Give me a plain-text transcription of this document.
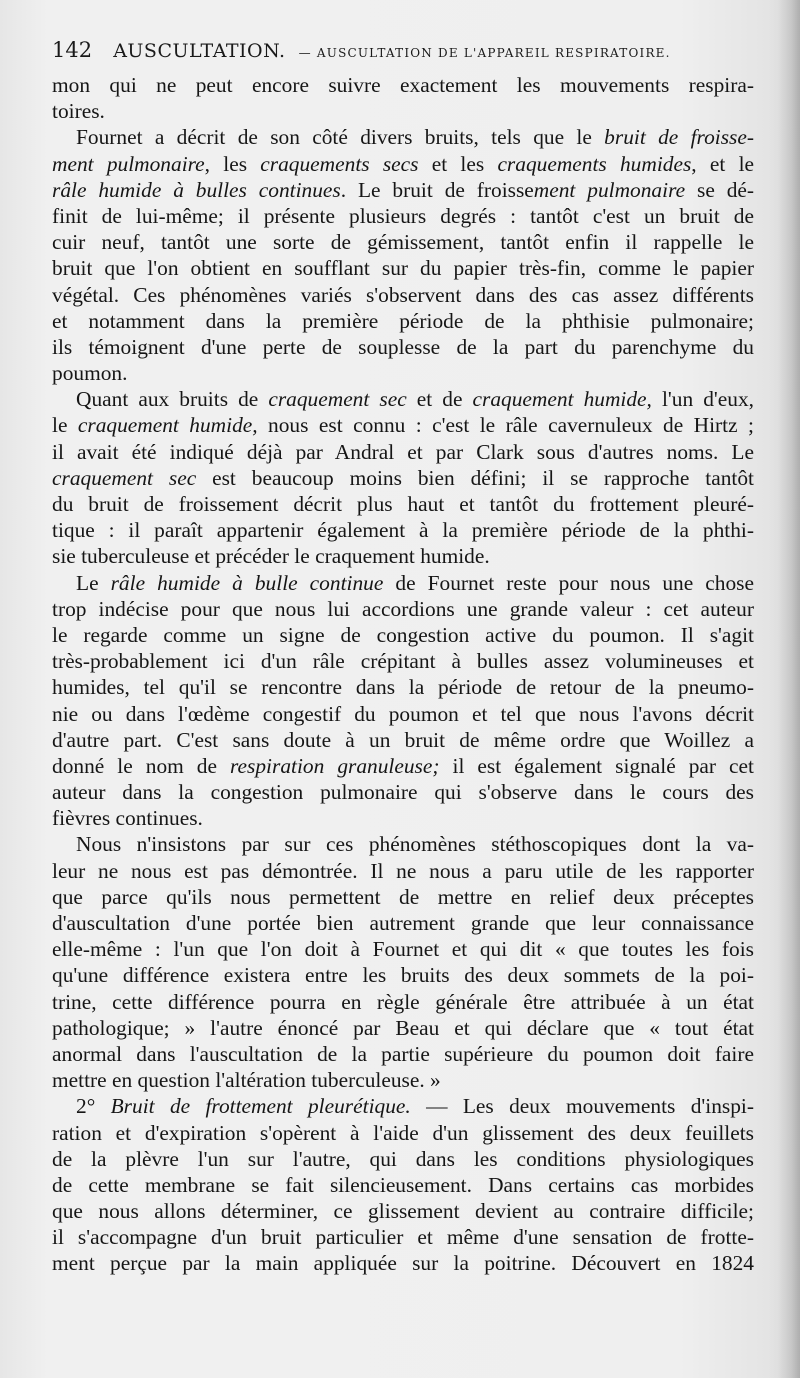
142 AUSCULTATION. — AUSCULTATION DE L'APPAREIL RESPIRATOIRE.
mon qui ne peut encore suivre exactement les mouvements respira-
toires.
Fournet a décrit de son côté divers bruits, tels que le bruit de froisse-
ment pulmonaire, les craquements secs et les craquements humides, et le
râle humide à bulles continues. Le bruit de froissement pulmonaire se dé-
finit de lui-même; il présente plusieurs degrés : tantôt c'est un bruit de
cuir neuf, tantôt une sorte de gémissement, tantôt enfin il rappelle le
bruit que l'on obtient en soufflant sur du papier très-fin, comme le papier
végétal. Ces phénomènes variés s'observent dans des cas assez différents
et notamment dans la première période de la phthisie pulmonaire;
ils témoignent d'une perte de souplesse de la part du parenchyme du
poumon.
Quant aux bruits de craquement sec et de craquement humide, l'un d'eux,
le craquement humide, nous est connu : c'est le râle cavernuleux de Hirtz ;
il avait été indiqué déjà par Andral et par Clark sous d'autres noms. Le
craquement sec est beaucoup moins bien défini; il se rapproche tantôt
du bruit de froissement décrit plus haut et tantôt du frottement pleuré-
tique : il paraît appartenir également à la première période de la phthi-
sie tuberculeuse et précéder le craquement humide.
Le râle humide à bulle continue de Fournet reste pour nous une chose
trop indécise pour que nous lui accordions une grande valeur : cet auteur
le regarde comme un signe de congestion active du poumon. Il s'agit
très-probablement ici d'un râle crépitant à bulles assez volumineuses et
humides, tel qu'il se rencontre dans la période de retour de la pneumo-
nie ou dans l'œdème congestif du poumon et tel que nous l'avons décrit
d'autre part. C'est sans doute à un bruit de même ordre que Woillez a
donné le nom de respiration granuleuse; il est également signalé par cet
auteur dans la congestion pulmonaire qui s'observe dans le cours des
fièvres continues.
Nous n'insistons par sur ces phénomènes stéthoscopiques dont la va-
leur ne nous est pas démontrée. Il ne nous a paru utile de les rapporter
que parce qu'ils nous permettent de mettre en relief deux préceptes
d'auscultation d'une portée bien autrement grande que leur connaissance
elle-même : l'un que l'on doit à Fournet et qui dit « que toutes les fois
qu'une différence existera entre les bruits des deux sommets de la poi-
trine, cette différence pourra en règle générale être attribuée à un état
pathologique; » l'autre énoncé par Beau et qui déclare que « tout état
anormal dans l'auscultation de la partie supérieure du poumon doit faire
mettre en question l'altération tuberculeuse. »
2° Bruit de frottement pleurétique. — Les deux mouvements d'inspi-
ration et d'expiration s'opèrent à l'aide d'un glissement des deux feuillets
de la plèvre l'un sur l'autre, qui dans les conditions physiologiques
de cette membrane se fait silencieusement. Dans certains cas morbides
que nous allons déterminer, ce glissement devient au contraire difficile;
il s'accompagne d'un bruit particulier et même d'une sensation de frotte-
ment perçue par la main appliquée sur la poitrine. Découvert en 1824
